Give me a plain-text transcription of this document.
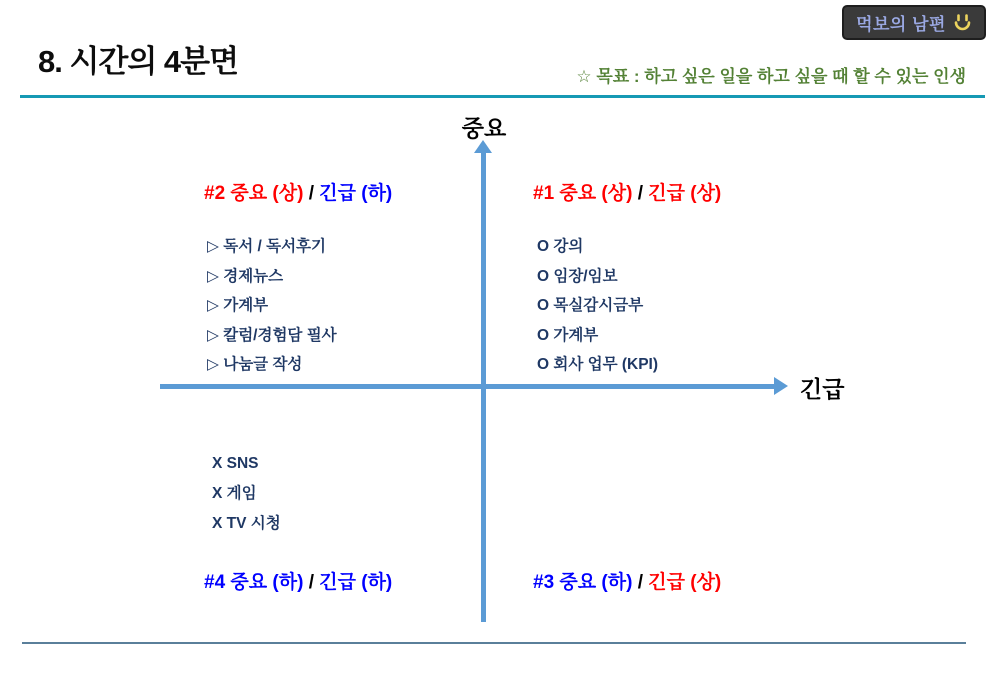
먹보의 남편
8. 시간의 4분면	☆ 목표 : 하고 싶은 일을 하고 싶을 때 할 수 있는 인생
중요
긴급
#2 중요 (상) / 긴급 (하)
▷ 독서 / 독서후기
▷ 경제뉴스
▷ 가계부
▷ 칼럼/경험담 필사
▷ 나눔글 작성
#1 중요 (상) / 긴급 (상)
O 강의
O 임장/임보
O 목실감시금부
O 가계부
O 회사 업무 (KPI)
X SNS
X 게임
X TV 시청
#4 중요 (하) / 긴급 (하)	#3 중요 (하) / 긴급 (상)
